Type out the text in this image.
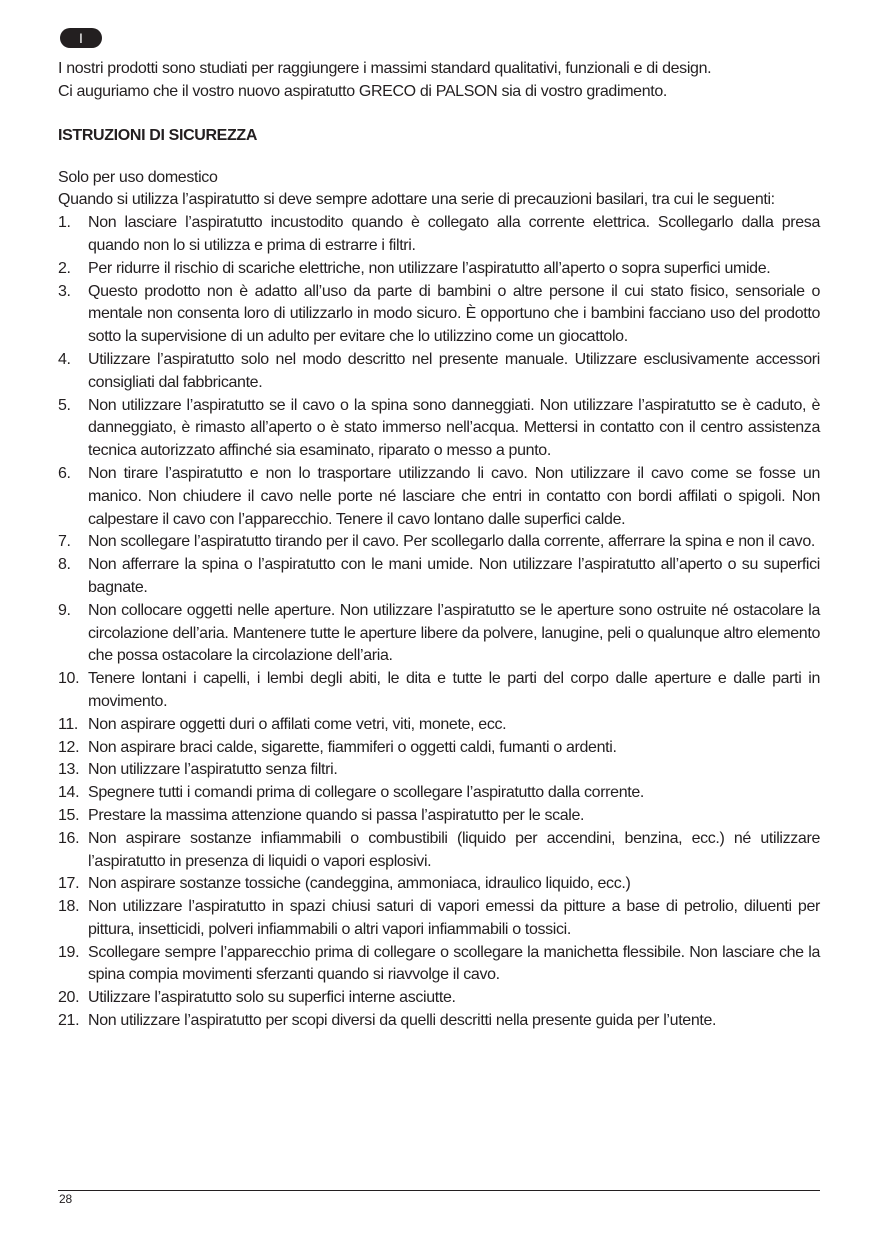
I
I nostri prodotti sono studiati per raggiungere i massimi standard qualitativi, funzionali e di design.
Ci auguriamo che il vostro nuovo aspiratutto GRECO di PALSON sia di vostro gradimento.
ISTRUZIONI DI SICUREZZA
Solo per uso domestico
Quando si utilizza l’aspiratutto si deve sempre adottare una serie di precauzioni basilari, tra cui le seguenti:
1. Non lasciare l’aspiratutto incustodito quando è collegato alla corrente elettrica. Scollegarlo dalla presa quando non lo si utilizza e prima di estrarre i filtri.
2. Per ridurre il rischio di scariche elettriche, non utilizzare l’aspiratutto all’aperto o sopra superfici umide.
3. Questo prodotto non è adatto all’uso da parte di bambini o altre persone il cui stato fisico, sensoriale o mentale non consenta loro di utilizzarlo in modo sicuro. È opportuno che i bambini facciano uso del prodotto sotto la supervisione di un adulto per evitare che lo utilizzino come un giocattolo.
4. Utilizzare l’aspiratutto solo nel modo descritto nel presente manuale. Utilizzare esclusivamente accessori consigliati dal fabbricante.
5. Non utilizzare l’aspiratutto se il cavo o la spina sono danneggiati. Non utilizzare l’aspiratutto se è caduto, è danneggiato, è rimasto all’aperto o è stato immerso nell’acqua. Mettersi in contatto con il centro assistenza tecnica autorizzato affinché sia esaminato, riparato o messo a punto.
6. Non tirare l’aspiratutto e non lo trasportare utilizzando li cavo. Non utilizzare il cavo come se fosse un manico. Non chiudere il cavo nelle porte né lasciare che entri in contatto con bordi affilati o spigoli. Non calpestare il cavo con l’apparecchio. Tenere il cavo lontano dalle superfici calde.
7. Non scollegare l’aspiratutto tirando per il cavo. Per scollegarlo dalla corrente, afferrare la spina e non il cavo.
8. Non afferrare la spina o l’aspiratutto con le mani umide. Non utilizzare l’aspiratutto all’aperto o su superfici bagnate.
9. Non collocare oggetti nelle aperture. Non utilizzare l’aspiratutto se le aperture sono ostruite né ostacolare la circolazione dell’aria. Mantenere tutte le aperture libere da polvere, lanugine, peli o qualunque altro elemento che possa ostacolare la circolazione dell’aria.
10. Tenere lontani i capelli, i lembi degli abiti, le dita e tutte le parti del corpo dalle aperture e dalle parti in movimento.
11. Non aspirare oggetti duri o affilati come vetri, viti, monete, ecc.
12. Non aspirare braci calde, sigarette, fiammiferi o oggetti caldi, fumanti o ardenti.
13. Non utilizzare l’aspiratutto senza filtri.
14. Spegnere tutti i comandi prima di collegare o scollegare l’aspiratutto dalla corrente.
15. Prestare la massima attenzione quando si passa l’aspiratutto per le scale.
16. Non aspirare sostanze infiammabili o combustibili (liquido per accendini, benzina, ecc.) né utilizzare l’aspiratutto in presenza di liquidi o vapori esplosivi.
17. Non aspirare sostanze tossiche (candeggina, ammoniaca, idraulico liquido, ecc.)
18. Non utilizzare l’aspiratutto in spazi chiusi saturi di vapori emessi da pitture a base di petrolio, diluenti per pittura, insetticidi, polveri infiammabili o altri vapori infiammabili o tossici.
19. Scollegare sempre l’apparecchio prima di collegare o scollegare la manichetta flessibile. Non lasciare che la spina compia movimenti sferzanti quando si riavvolge il cavo.
20. Utilizzare l’aspiratutto solo su superfici interne asciutte.
21. Non utilizzare l’aspiratutto per scopi diversi da quelli descritti nella presente guida per l’utente.
28
